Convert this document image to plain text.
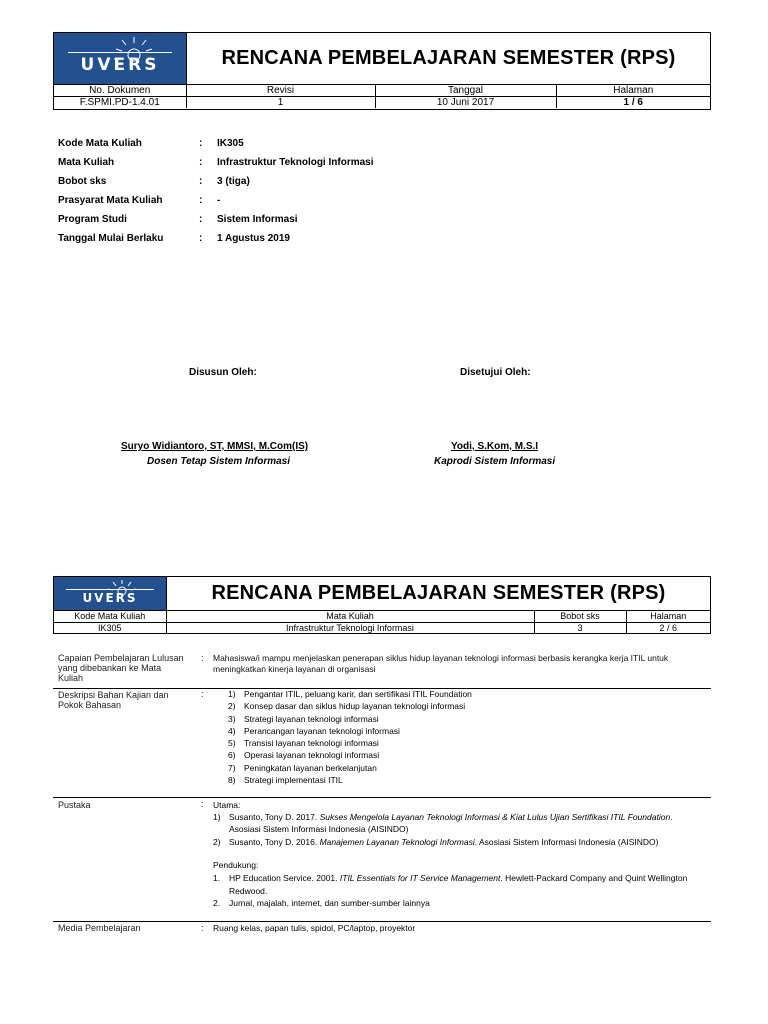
UVERS	RENCANA PEMBELAJARAN SEMESTER (RPS)
No. Dokumen	Revisi	Tanggal	Halaman
F.SPMI.PD-1.4.01	1	10 Juni 2017	1 / 6
Kode Mata Kuliah	: IK305
Mata Kuliah	: Infrastruktur Teknologi Informasi
Bobot sks	: 3 (tiga)
Prasyarat Mata Kuliah	: -
Program Studi	: Sistem Informasi
Tanggal Mulai Berlaku	: 1 Agustus 2019
Disusun Oleh:	Disetujui Oleh:
Suryo Widiantoro, ST, MMSI, M.Com(IS)
Dosen Tetap Sistem Informasi
Yodi, S.Kom, M.S.I
Kaprodi Sistem Informasi
UVERS	RENCANA PEMBELAJARAN SEMESTER (RPS)
Kode Mata Kuliah	Mata Kuliah	Bobot sks	Halaman
IK305	Infrastruktur Teknologi Informasi	3	2 / 6
Capaian Pembelajaran Lulusan yang dibebankan ke Mata Kuliah
: Mahasiswa/i mampu menjelaskan penerapan siklus hidup layanan teknologi informasi berbasis kerangka kerja ITIL untuk meningkatkan kinerja layanan di organisasi
Deskripsi Bahan Kajian dan Pokok Bahasan
:	1) Pengantar ITIL, peluang karir, dan sertifikasi ITIL Foundation
2) Konsep dasar dan siklus hidup layanan teknologi informasi
3) Strategi layanan teknologi informasi
4) Perancangan layanan teknologi informasi
5) Transisi layanan teknologi informasi
6) Operasi layanan teknologi informasi
7) Peningkatan layanan berkelanjutan
8) Strategi implementasi ITIL
Pustaka	: Utama:
1) Susanto, Tony D. 2017. Sukses Mengelola Layanan Teknologi Informasi & Kiat Lulus Ujian Sertifikasi ITIL Foundation.
Asosiasi Sistem Informasi Indonesia (AISINDO)
2) Susanto, Tony D. 2016. Manajemen Layanan Teknologi Informasi. Asosiasi Sistem Informasi Indonesia (AISINDO)
Pendukung:
1. HP Education Service. 2001. ITIL Essentials for IT Service Management. Hewlett-Packard Company and Quint Wellington
Redwood.
2. Jurnal, majalah, internet, dan sumber-sumber lainnya
Media Pembelajaran	: Ruang kelas, papan tulis, spidol, PC/laptop, proyektor
